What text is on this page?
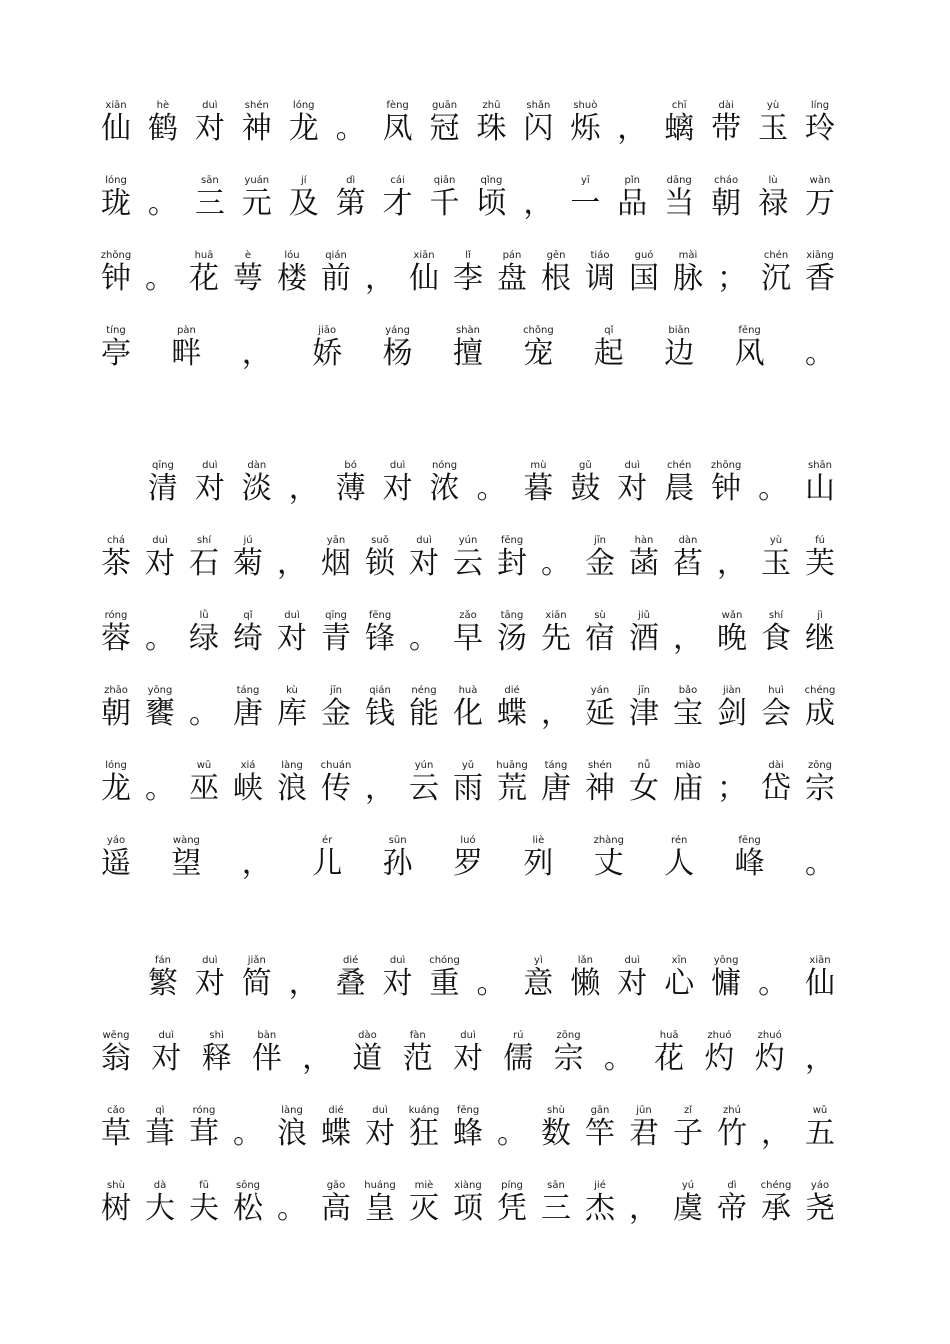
仙
xiān
鹤
hè
对
duì
神
shén
龙
lóng
。 凤
fèng
冠
guān
珠
zhū
闪
shǎn
烁
shuò
， 螭
chī
带
dài
玉
yù
玲
líng
珑
lóng
。 三
sān
元
yuán
及
jí
第
dì
才
cái
千
qiān
顷
qǐng
， 一
yī
品
pǐn
当
dāng
朝
cháo
禄
lù
万
wàn
钟
zhōng
。 花
huā
萼
è
楼
lóu
前
qián
， 仙
xiān
李
lǐ
盘
pán
根
gēn
调
tiáo
国
guó
脉
mài
； 沉
chén
香
xiāng
亭
tíng
畔
pàn
，	娇
jiāo
杨
yáng
擅
shàn
宠
chǒng
起
qǐ
边
biān
风
fēng
。
清
qīng
对
duì
淡
dàn
， 薄
bó
对
duì
浓
nóng
。 暮
mù
鼓
gǔ
对
duì
晨
chén
钟
zhōng
。 山
shān
茶
chá
对
duì
石
shí
菊
jú
， 烟
yān
锁
suǒ
对
duì
云
yún
封
fēng
。 金
jīn
菡
hàn
萏
dàn
， 玉
yù
芙
fú
蓉
róng
。 绿
lǜ
绮
qǐ
对
duì
青
qīng
锋
fēng
。 早
zǎo
汤
tāng
先
xiān
宿
sù
酒
jiǔ
， 晚
wǎn
食
shí
继
jì
朝
zhāo
饔
yōng
。 唐
táng
库
kù
金
jīn
钱
qián
能
néng
化
huà
蝶
dié
， 延
yán
津
jīn
宝
bǎo
剑
jiàn
会
huì
成
chéng
龙
lóng
。 巫
wū
峡
xiá
浪
làng
传
chuán
， 云
yún
雨
yǔ
荒
huāng
唐
táng
神
shén
女
nǚ
庙
miào
； 岱
dài
宗
zōng
遥
yáo
望
wàng
，	儿
ér
孙
sūn
罗
luó
列
liè
丈
zhàng
人
rén
峰
fēng
。
繁
fán
对
duì
简
jiǎn
， 叠
dié
对
duì
重
chóng
。 意
yì
懒
lǎn
对
duì
心
xīn
慵
yōng
。 仙
xiān
翁
wēng
对
duì
释
shì
伴
bàn
， 道
dào
范
fàn
对
duì
儒
rú
宗
zōng
。 花
huā
灼
zhuó
灼
zhuó
，
草
cǎo
葺
qì
茸
róng
。 浪
làng
蝶
dié
对
duì
狂
kuáng
蜂
fēng
。 数
shù
竿
gān
君
jūn
子
zǐ
竹
zhú
， 五
wǔ
树
shù
大
dà
夫
fū
松
sōng
。 高
gāo
皇
huáng
灭
miè
项
xiàng
凭
píng
三
sān
杰
jié
， 虞
yú
帝
dì
承
chéng
尧
yáo
